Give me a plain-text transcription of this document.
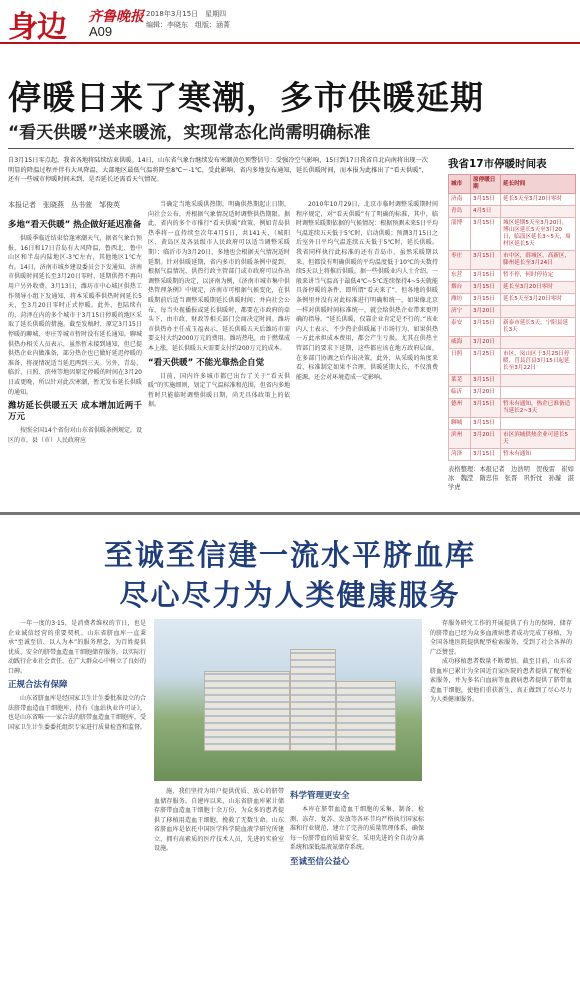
身边 齐鲁晚报
A09
2018年3月15日　星期四
编辑：李晓东　组版：涵菁
停暖日来了寒潮，多市供暖延期
“看天供暖”送来暖流，实现常态化尚需明确标准
自3月15日零点起，我省各地将陆续结束供暖。14日，山东省气象台继续发布寒潮黄色预警信号：受强冷空气影响，15日到17日我省自北向南将出现一次明显的降温过程并伴有大风降温，大部地区最低气温将降至8℃～-1℃，受此影响，省内多地发布通知，延长供暖时间，而本报为此推出了“看天供暖”，还有一些城市停暖时间未到，是否延长还需看天气情况。
本报记者　张晓燕　丛书萱　邹俊英
多地“看天供暖” 热企做好延迟准备

供暖季临近结束恰逢寒潮天气，据省气象台预报，16日和17日青岛有大风降温，鲁西北、鲁中山区和半岛内陆地区-3℃左右，其他地区1℃左右。14日，济南市城乡建设委员会下发通知，济南市供暖时间延长至3月20日零时，延期供热不再向用户另外收费。3月13日，潍坊市中心城区供热工作领导小组下发通知，将本采暖季供热时间延长5天，至3月20日零时正式停暖。此外，也陆续有的，菏泽在内的多个城市于3月15日停暖的地区采取了延长供暖的措施。截至发稿时，原定3月15日停暖的聊城、枣庄等城市暂时没有延长通知。聊城供热办相关人员表示，虽然暂未接到通知，但已提供热企业内做准备，部分热企也已做好延迟停暖的准备，将视情况适当延迟两到三天。另外，青岛、临沂、日照、滨州等地因原定停暖的时间在3月20日或更晚，所以针对此次寒潮，暂无发布延长供暖的通知。

潍坊延长供暖五天 成本增加近两千万元

按照全国14个省份对山东省供暖条例规定，设区的市，县（市）人民政府应

当确定当地采暖供热期，明确供热期起止日期，向社会公布，并根据气象情况适时调整供热期限。据此，省内的多个市推行“看天供暖”政策，例如青岛供热季将一直持续至次年4月5日，共141天，（城阳区、黄岛区及各县级市人民政府可以适当调整采暖期）；临沂市为3月20日，多地也会根据天气情况适时延期。针对供暖延期，省内多市的供暖条例中提到，根据气温情况，供热行政主管部门或市政府可以作出调整采暖期的决定，以济南为例，《济南市城市集中供热管理条例》中规定，济南市可根据气候变化，在供暖期前后适当调整采暖期延长供暖时间；并向社会公布，每当央视播报或延长供暖时，都要在市政府的牵头下，由市政、财政等相关部门会商决定时间。潍坊市供热办主任成玉福表示，延长供暖五天后潍坊市需要支付大约2000万元的费用。潍坊热电，由于燃煤成本上涨，延长供暖五天需要支付约200万元的成本。

“看天供暖” 不能光靠热企自觉

目前，国内许多城市都已出台了关于“看天供暖”的实施细则，划定了气温标准和范围，但省内多地暂时只能临时调整供暖日期，尚无具体政策上的依据。

2010年10月29日，北京市临时调整采暖期时间程序规定，对“看天供暖”有了明确的标准，其中，临时调整采暖期依据的气候情况：根据预测未来5日平均气温连续五天低于5℃时，启动供暖；预测3月15日之后室外日平均气温连续五天低于5℃时，延长供暖。我省同样执行此标准的还有青岛市，虽然采暖期以来，但都没有明确供暖的平均温度低于10℃的天数持续5天以上将推后供暖。据一些供暖业内人士介绍，一般来讲当气温高于最低4℃~5℃连续保持4~5天就能具备停暖的条件，即所谓“看天来了”，但各地的供暖条例里并没有对此标准进行明确和统一，如果像北京一样对供暖时间标准统一，就会给供热企业带来更明确的指导。“延长供暖，仅靠企业肯定是不行的。”该业内人士表示，不少热企供暖属于市场行为，如果供热一方此承担成本费用，都会产生亏损。尤其在供热主管部门的要求下延期，这些都应该在地方政府层面，在多部门协调之后作出决策。此外，从采暖的角度来看，标准制定如果不合理，供暖延期太长，不仅浪费能源，还会对环境造成一定影响。

我省17市停暖时间表
城市	原停暖日期	延长时间
济南	3月15日	延长5天至3月20日零时
青岛	4月5日	
淄博	3月15日	城区延期5天至3月20日，博山区延长5天至3月20日，临淄区延长3~5天，周村区延长5天
枣庄	3月15日	市中区，薛城区，高新区，滕州延长至3月24日
东营	3月15日	暂不停，何时停待定
烟台	3月15日	延长至3月20日零时
潍坊	3月15日	延长5天至3月20日零时
济宁	3月20日	
泰安	3月15日	新泰市延长5天，宁阳县延长3天
威海	3月20日	
日照	3月25日	市区，岚山区于3月25日停暖，莒县莒县3月15日起延长至3月22日
莱芜	3月15日	
临沂	3月20日	
德州	3月15日	暂未有通知，热企已准备适当延长2~3天
聊城	3月15日	
滨州	3月20日	市区滨城供热企业可延长5天
菏泽	3月15日	暂未有通知
表格整理：本报记者　边浩明　贺俊雷　崔如冰　魏滢　隋忠伟　张晋　巩忻忱　孙璇　湛学虎
至诚至信建一流水平脐血库
尽心尽力为人类健康服务

一年一度的3·15，是消费者维权的节日，也是企业诚信经营的重要契机。山东省脐血库一直秉承“至诚至信、以人为本”的服务理念，为百姓提供优质、安全的脐带血造血干细胞储存服务，以实际行动践行企业社会责任，在广大群众心中树立了良好的口碑。

正规合法有保障

山东省脐血库是经国家卫生计生委批准设立的合法脐带血造血干细胞库，持有《血站执业许可证》，也是山东省唯一一家合法的脐带血造血干细胞库，受国家卫生计生委委托组织专家进行质量检查和监督。

施，我们坚持为用户提供优质、放心的脐带血储存服务。自建库以来，山东省脐血库累计储存脐带血造血干细胞十余万份，为众多的患者提供了移植用造血干细胞，挽救了无数生命。山东省脐血库是依托中国医学科学院血液学研究所建立，拥有高素质的医疗技术人员，先进的实验室设施。

科学管理更安全

本库在脐带血造血干细胞的采集、制备、检测、冻存、复苏、发放等各环节均严格执行国家标准和行业规范，建立了完善的质量管理体系，确保每一份脐带血的质量安全，采用先进的全自动分离系统和深低温液氮储存系统。

至诚至信公益心

存服务研究工作的开展提供了有力的保障，储存的脐带血已经为众多血液病患者成功完成了移植，为全国各地医院提供配型检索服务，受到了社会各界的广泛赞誉。

成功移植患者数量不断增加。截至目前，山东省脐血库已累计为全国近百家医院的患者提供了配型检索服务，并为多名白血病等血液病患者提供了脐带血造血干细胞，使他们重获新生，真正做到了尽心尽力为人类健康服务。
